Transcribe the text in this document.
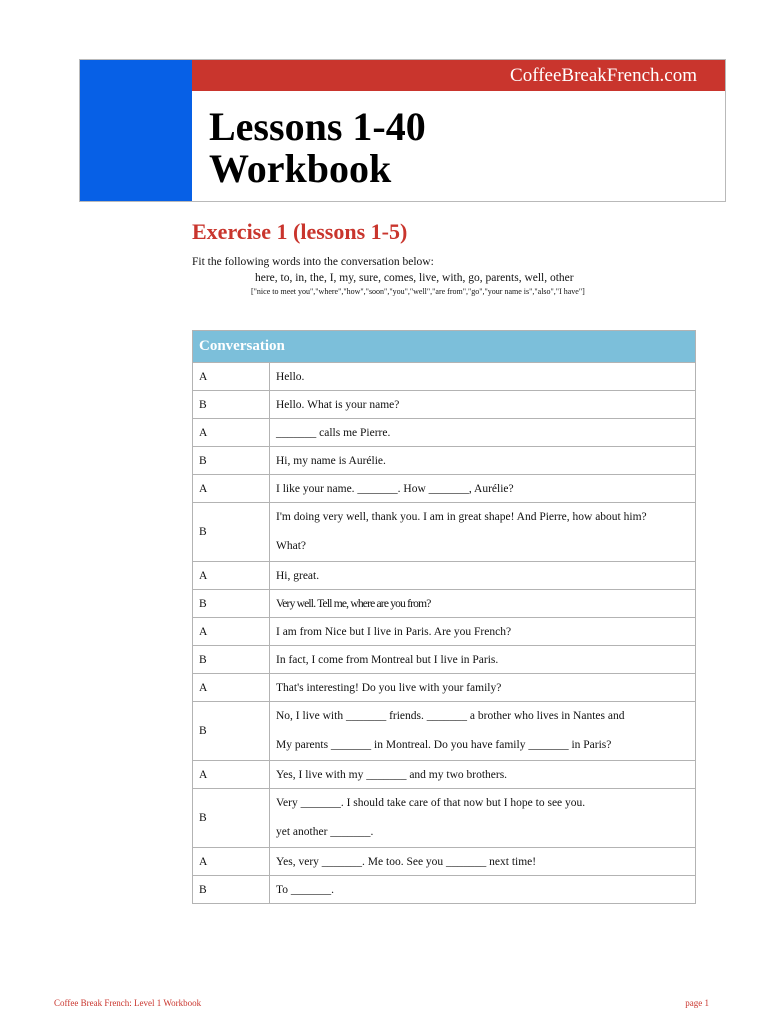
CoffeeBreakFrench.com
Lessons 1-40
Workbook
Exercise 1 (lessons 1-5)
Fit the following words into the conversation below:
here, to, in, the, I, my, sure, comes, live, with, go, parents, well, other
["nice to meet you","where","how","soon","you","well","are from","go","your name is","also","I have"]
Conversation	
A	Hello.
B	Hello. What is your name?
A	_______ calls me Pierre.
B	Hi, my name is Aurélie.
A	I like your name. _______. How _______, Aurélie?
B	I'm doing very well, thank you. I am in great shape! And Pierre, how about him?
What?

A	Hi, great.
B	Very well. Tell me, where are you from?
A	I am from Nice but I live in Paris. Are you French?
B	In fact, I come from Montreal but I live in Paris.
A	That's interesting! Do you live with your family?
B	No, I live with _______ friends. _______ a brother who lives in Nantes and
My parents _______ in Montreal. Do you have family _______ in Paris?

A	Yes, I live with my _______ and my two brothers.
B	Very _______. I should take care of that now but I hope to see you.
yet another _______.

A	Yes, very _______. Me too. See you _______ next time!
B	To _______.
Coffee Break French: Level 1 Workbook	page 1
